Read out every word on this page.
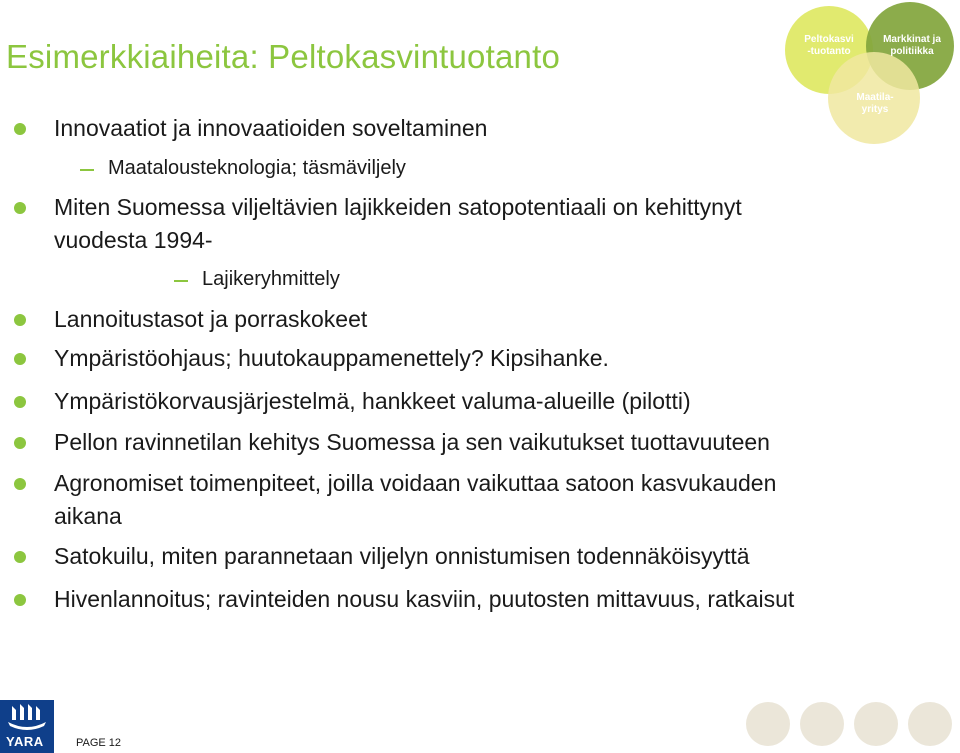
Esimerkkiaiheita: Peltokasvintuotanto	Peltokasvi
-tuotanto
Markkinat ja
politiikka
Maatila-
yritys
Innovaatiot ja innovaatioiden soveltaminen
Maatalousteknologia; täsmäviljely
Miten Suomessa viljeltävien lajikkeiden satopotentiaali on kehittynyt
vuodesta 1994-
Lajikeryhmittely
Lannoitustasot ja porraskokeet
Ympäristöohjaus; huutokauppamenettely? Kipsihanke.
Ympäristökorvausjärjestelmä, hankkeet valuma-alueille (pilotti)
Pellon ravinnetilan kehitys Suomessa ja sen vaikutukset tuottavuuteen
Agronomiset toimenpiteet, joilla voidaan vaikuttaa satoon kasvukauden
aikana
Satokuilu, miten parannetaan viljelyn onnistumisen todennäköisyyttä
Hivenlannoitus; ravinteiden nousu kasviin, puutosten mittavuus, ratkaisut
YARA	PAGE 12
